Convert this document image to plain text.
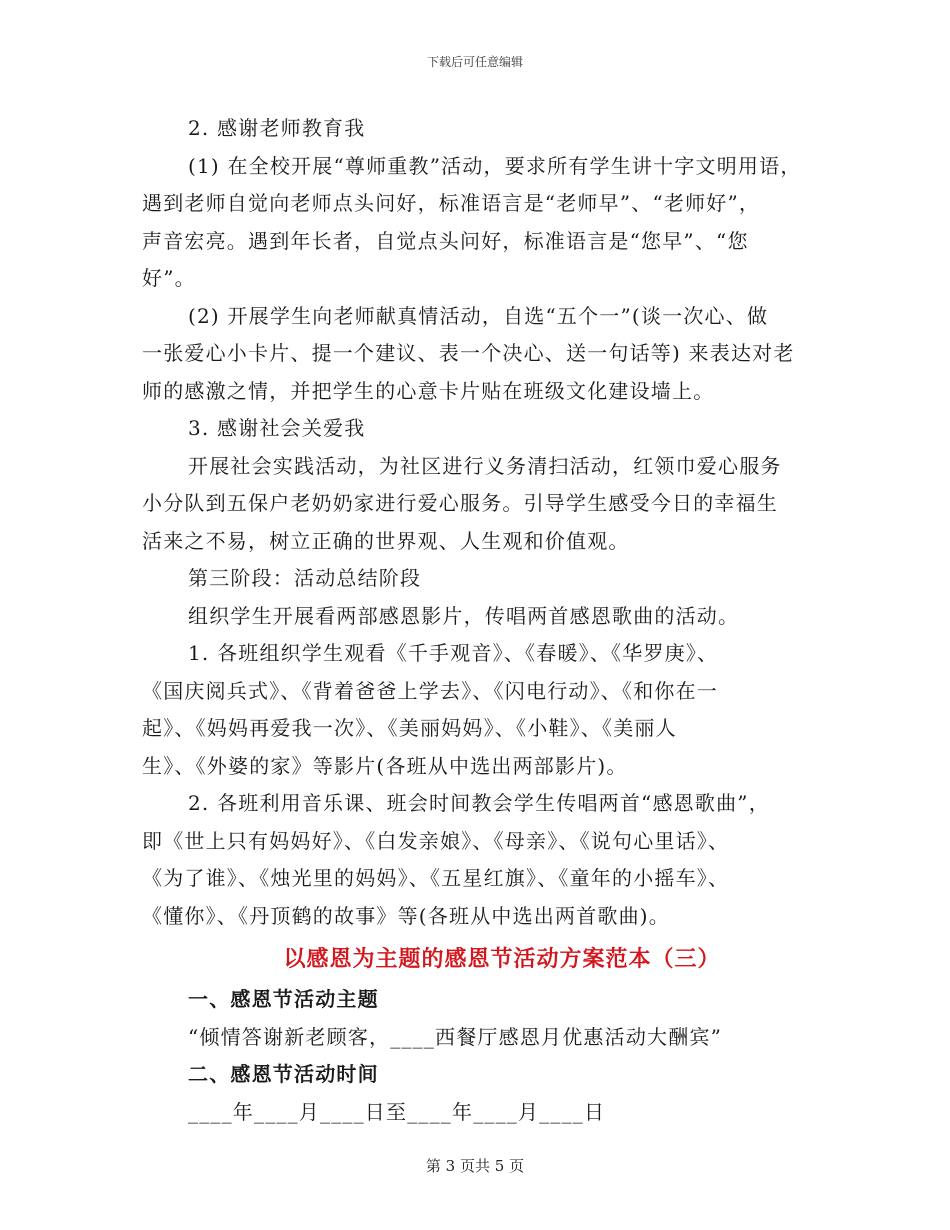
下载后可任意编辑

2. 感谢老师教育我

(1) 在全校开展“尊师重教”活动，要求所有学生讲十字文明用语，

遇到老师自觉向老师点头问好，标准语言是“老师早”、“老师好”，

声音宏亮。遇到年长者，自觉点头问好，标准语言是“您早”、“您

好”。

(2) 开展学生向老师献真情活动，自选“五个一”(谈一次心、做

一张爱心小卡片、提一个建议、表一个决心、送一句话等) 来表达对老

师的感激之情，并把学生的心意卡片贴在班级文化建设墙上。

3. 感谢社会关爱我

开展社会实践活动，为社区进行义务清扫活动，红领巾爱心服务

小分队到五保户老奶奶家进行爱心服务。引导学生感受今日的幸福生

活来之不易，树立正确的世界观、人生观和价值观。

第三阶段：活动总结阶段

组织学生开展看两部感恩影片，传唱两首感恩歌曲的活动。

1. 各班组织学生观看《千手观音》、《春暖》、《华罗庚》、

《国庆阅兵式》、《背着爸爸上学去》、《闪电行动》、《和你在一

起》、《妈妈再爱我一次》、《美丽妈妈》、《小鞋》、《美丽人

生》、《外婆的家》等影片(各班从中选出两部影片)。

2. 各班利用音乐课、班会时间教会学生传唱两首“感恩歌曲”，

即《世上只有妈妈好》、《白发亲娘》、《母亲》、《说句心里话》、

《为了谁》、《烛光里的妈妈》、《五星红旗》、《童年的小摇车》、

《懂你》、《丹顶鹤的故事》等(各班从中选出两首歌曲)。

以感恩为主题的感恩节活动方案范本（三）

一、感恩节活动主题

“倾情答谢新老顾客，____西餐厅感恩月优惠活动大酬宾”

二、感恩节活动时间

____年____月____日至____年____月____日

第 3 页共 5 页
